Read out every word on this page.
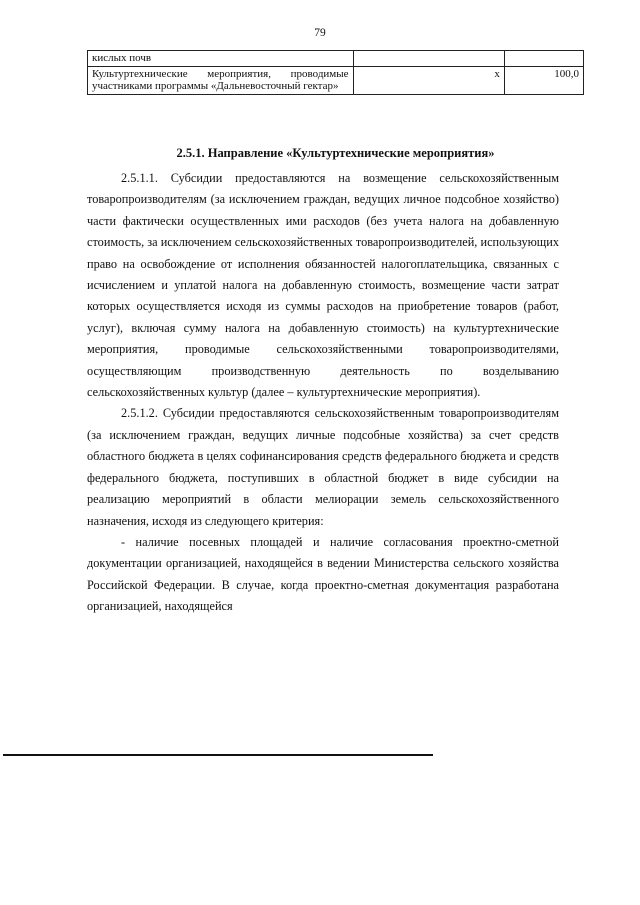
79
кислых почв		

Культуртехнические мероприятия, проводимые участниками программы «Дальневосточный гектар»	x	100,0
2.5.1. Направление «Культуртехнические мероприятия»

2.5.1.1. Субсидии предоставляются на возмещение сельскохозяйственным товаропроизводителям (за исключением граждан, ведущих личное подсобное хозяйство) части фактически осуществленных ими расходов (без учета налога на добавленную стоимость, за исключением сельскохозяйственных товаропроизводителей, использующих право на освобождение от исполнения обязанностей налогоплательщика, связанных с исчислением и уплатой налога на добавленную стоимость, возмещение части затрат которых осуществляется исходя из суммы расходов на приобретение товаров (работ, услуг), включая сумму налога на добавленную стоимость) на культуртехнические мероприятия, проводимые сельскохозяйственными товаропроизводителями, осуществляющим производственную деятельность по возделыванию сельскохозяйственных культур (далее – культуртехнические мероприятия).

2.5.1.2. Субсидии предоставляются сельскохозяйственным товаропроизводителям (за исключением граждан, ведущих личные подсобные хозяйства) за счет средств областного бюджета в целях софинансирования средств федерального бюджета и средств федерального бюджета, поступивших в областной бюджет в виде субсидии на реализацию мероприятий в области мелиорации земель сельскохозяйственного назначения, исходя из следующего критерия:

- наличие посевных площадей и наличие согласования проектно-сметной документации организацией, находящейся в ведении Министерства сельского хозяйства Российской Федерации. В случае, когда проектно-сметная документация разработана организацией, находящейся
